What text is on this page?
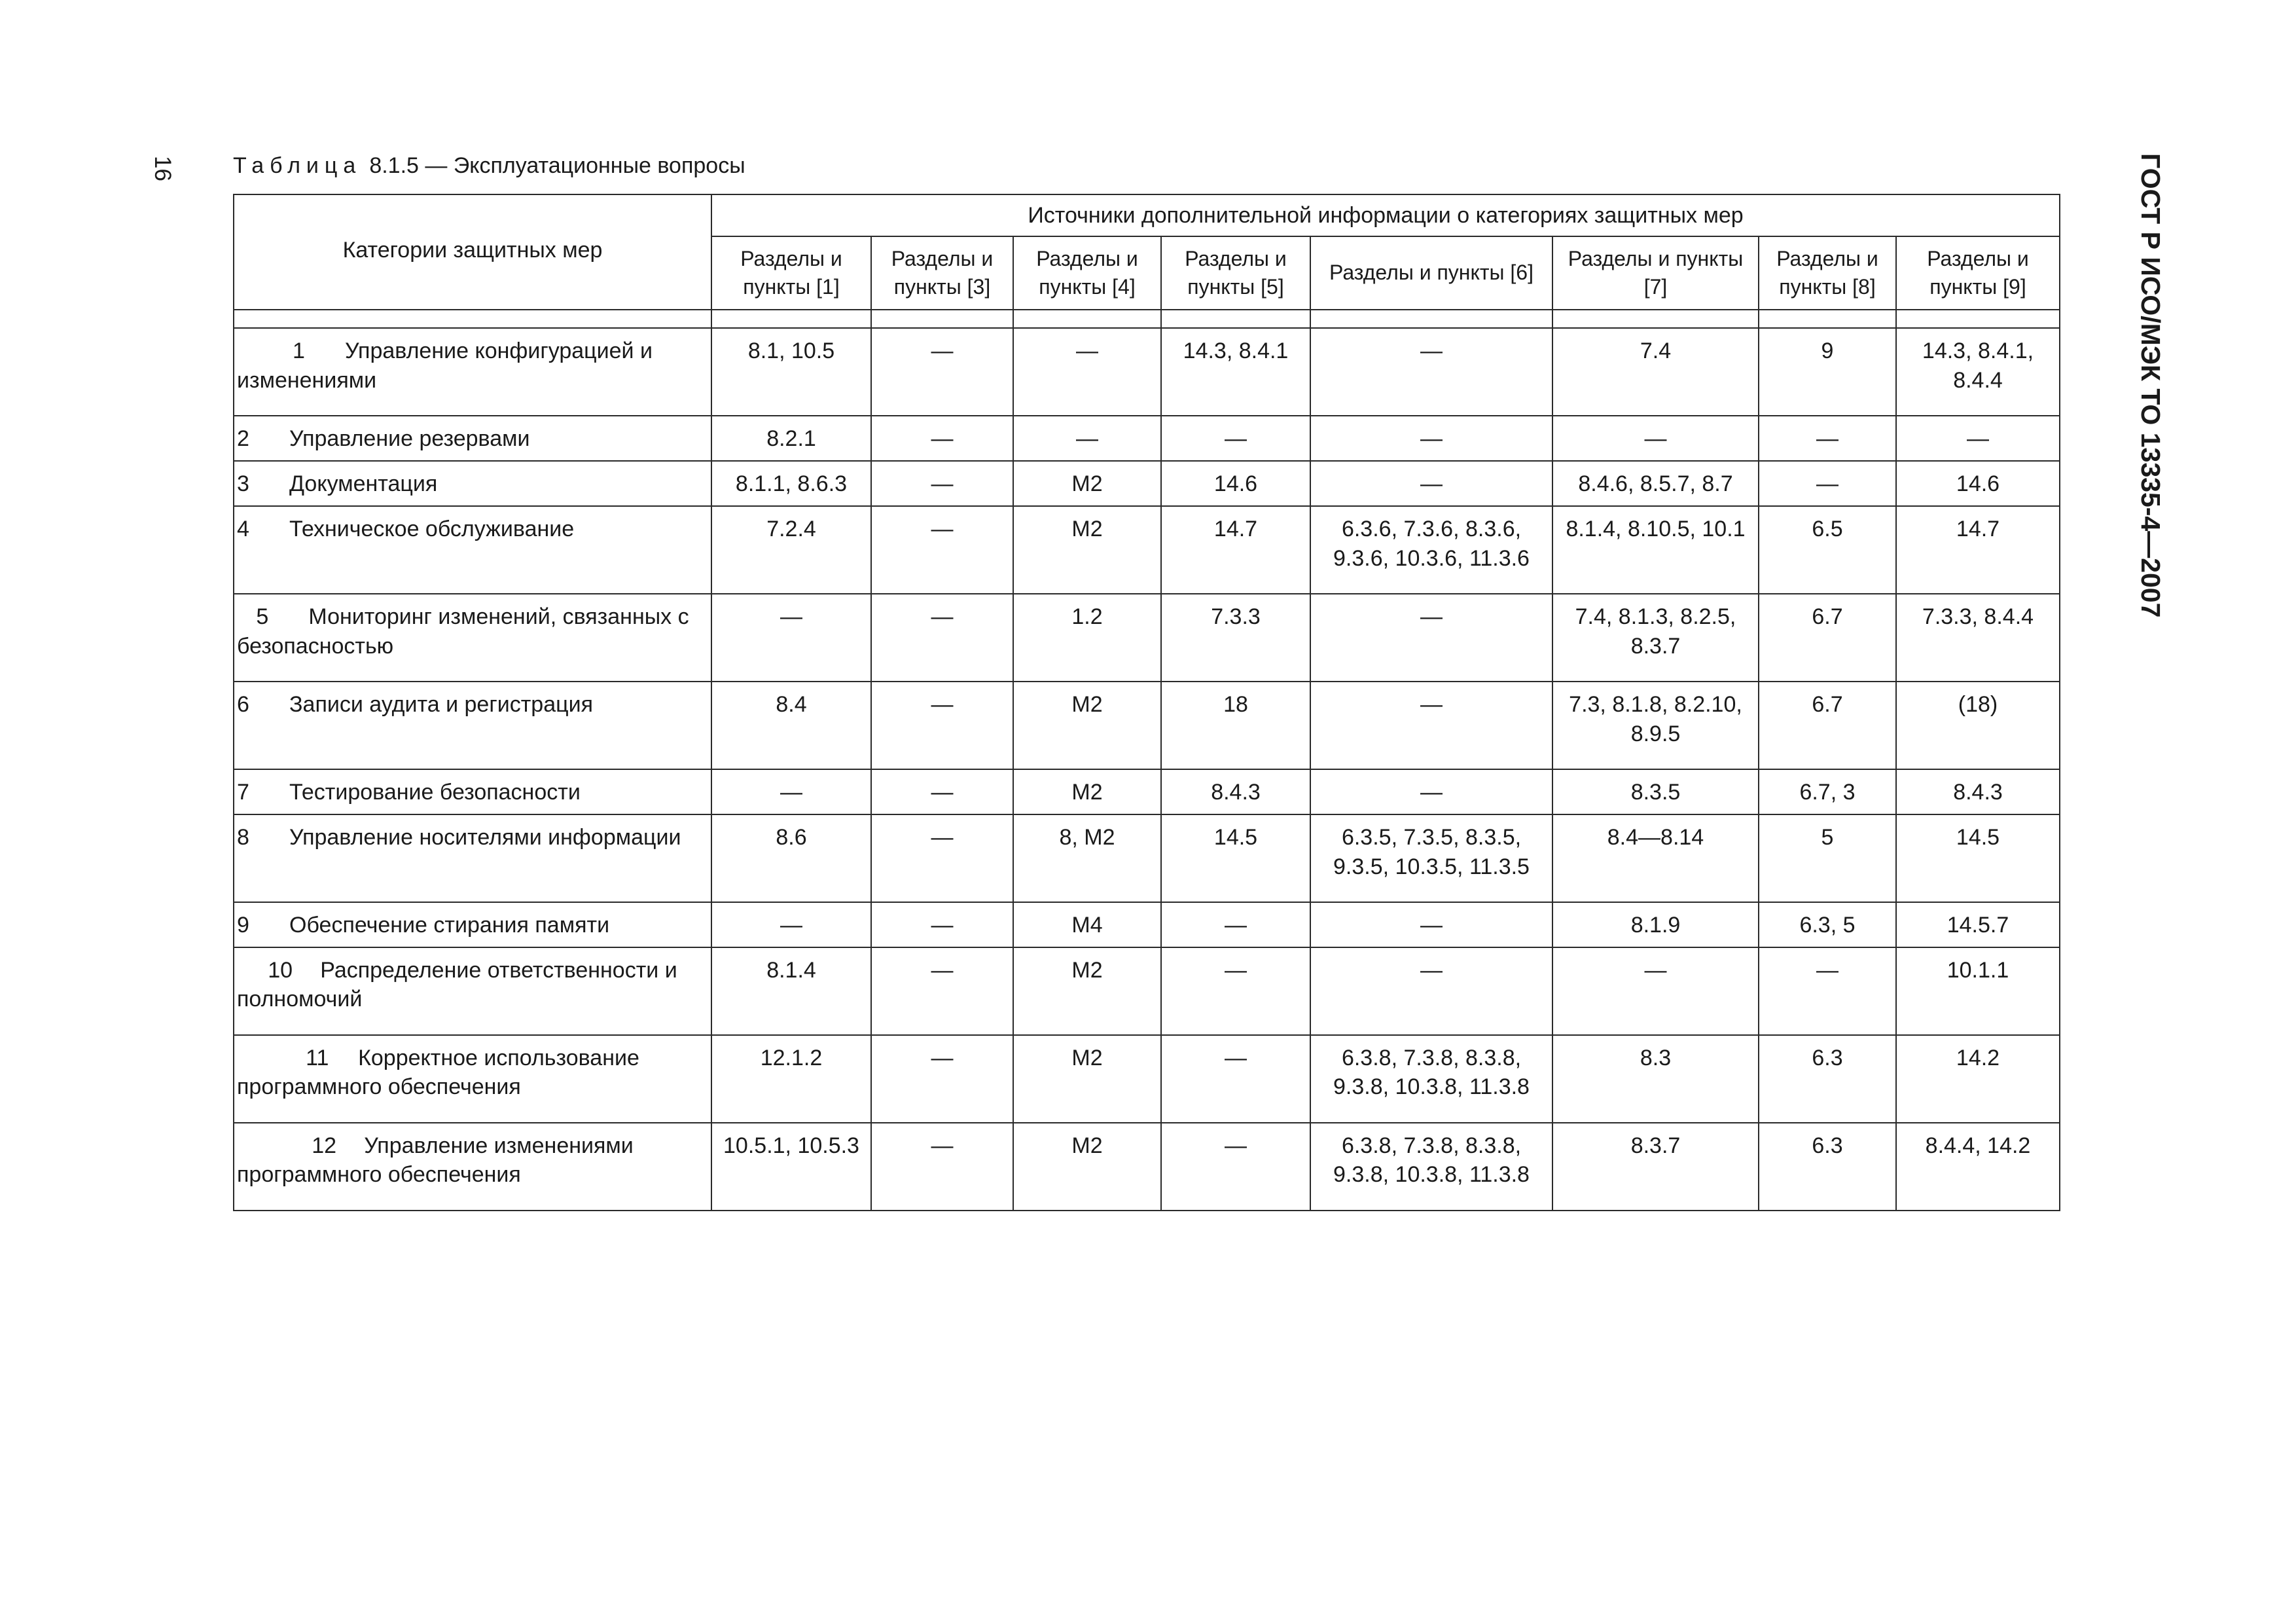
16	ГОСТ Р ИСО/МЭК ТО 13335-4—2007
Таблица 8.1.5 — Эксплуатационные вопросы
Категории защитных мер	Источники дополнительной информации о категориях защитных мер							
	Разделы и пункты [1]	Разделы и пункты [3]	Разделы и пункты [4]	Разделы и пункты [5]	Разделы и пункты [6]	Разделы и пункты [7]	Разделы и пункты [8]	Разделы и пункты [9]

1 Управление конфигурацией и изменениями	8.1, 10.5	—	—	14.3, 8.4.1	—	7.4	9	14.3, 8.4.1, 8.4.4
2 Управление резервами	8.2.1	—	—	—	—	—	—	—
3 Документация	8.1.1, 8.6.3	—	M2	14.6	—	8.4.6, 8.5.7, 8.7	—	14.6
4 Техническое обслуживание	7.2.4	—	M2	14.7	6.3.6, 7.3.6, 8.3.6, 9.3.6, 10.3.6, 11.3.6	8.1.4, 8.10.5, 10.1	6.5	14.7
5 Мониторинг изменений, связанных с безопасностью	—	—	1.2	7.3.3	—	7.4, 8.1.3, 8.2.5, 8.3.7	6.7	7.3.3, 8.4.4
6 Записи аудита и регистрация	8.4	—	M2	18	—	7.3, 8.1.8, 8.2.10, 8.9.5	6.7	(18)
7 Тестирование безопасности	—	—	M2	8.4.3	—	8.3.5	6.7, 3	8.4.3
8 Управление носителями информации	8.6	—	8, M2	14.5	6.3.5, 7.3.5, 8.3.5, 9.3.5, 10.3.5, 11.3.5	8.4—8.14	5	14.5
9 Обеспечение стирания памяти	—	—	M4	—	—	8.1.9	6.3, 5	14.5.7
10 Распределение ответственности и полномочий	8.1.4	—	M2	—	—	—	—	10.1.1
11 Корректное использование программного обеспечения	12.1.2	—	M2	—	6.3.8, 7.3.8, 8.3.8, 9.3.8, 10.3.8, 11.3.8	8.3	6.3	14.2
12 Управление изменениями программного обеспечения	10.5.1, 10.5.3	—	M2	—	6.3.8, 7.3.8, 8.3.8, 9.3.8, 10.3.8, 11.3.8	8.3.7	6.3	8.4.4, 14.2
